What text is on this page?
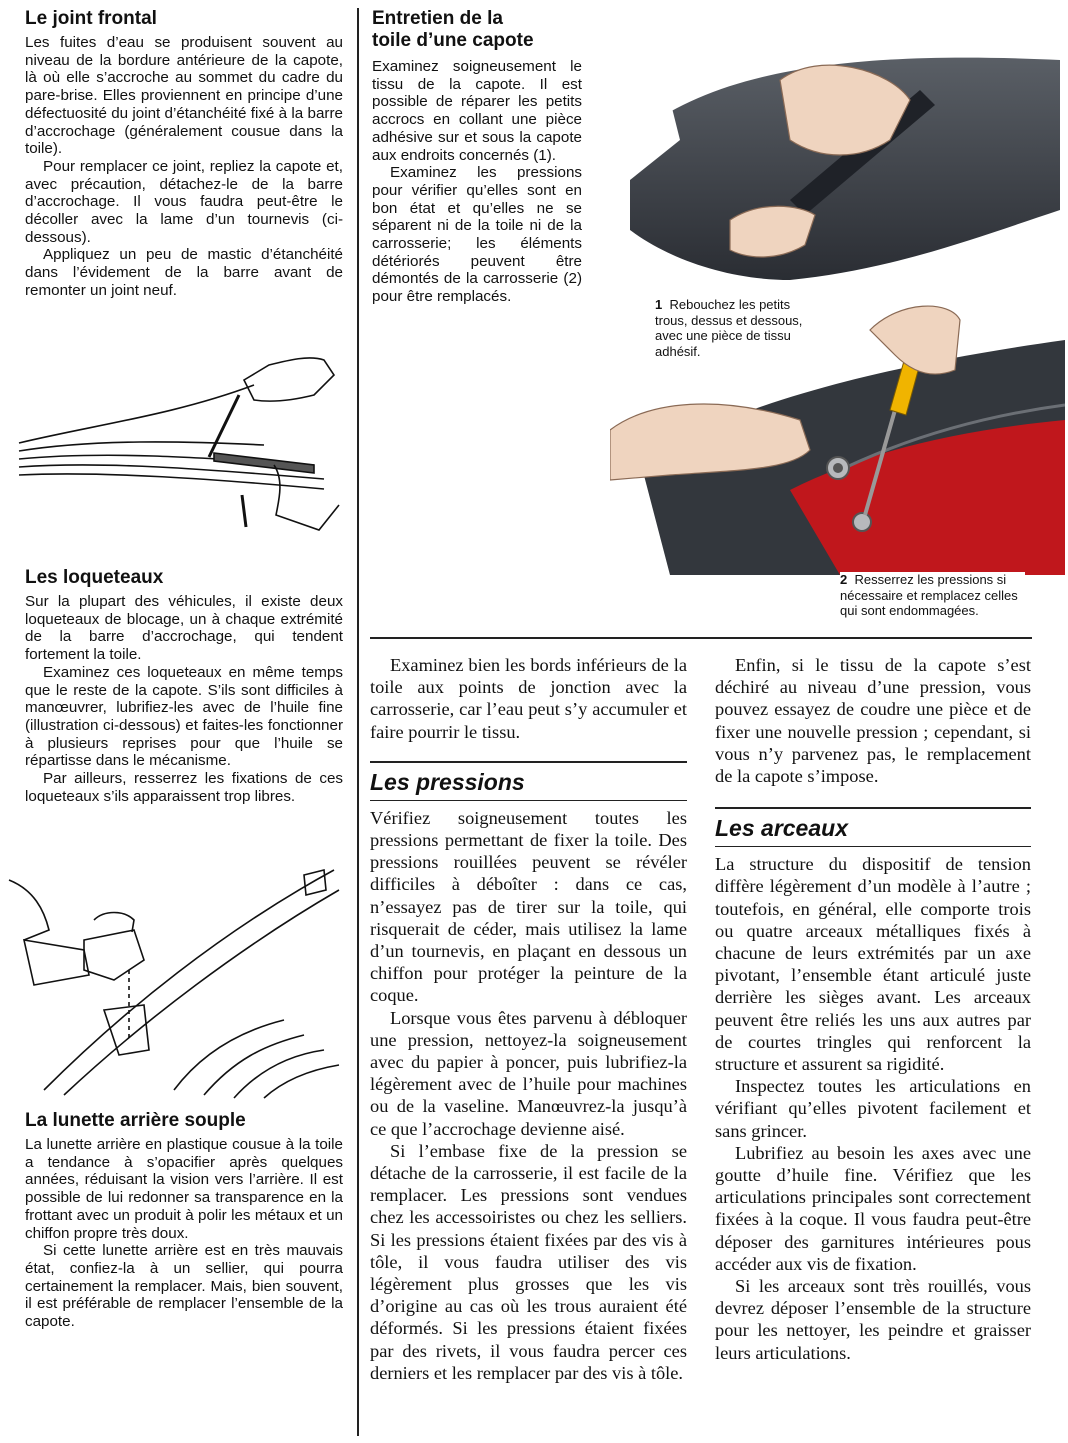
Le joint frontal

Les fuites d’eau se produisent souvent au niveau de la bordure antérieure de la capote, là où elle s’accroche au sommet du cadre du pare-brise. Elles proviennent en principe d’une défectuosité du joint d’étanchéité fixé à la barre d’accrochage (généralement cousue dans la toile).

Pour remplacer ce joint, repliez la capote et, avec précaution, détachez-le de la barre d’accrochage. Il vous faudra peut-être le décoller avec la lame d’un tournevis (ci-dessous).

Appliquez un peu de mastic d’étanchéité dans l’évidement de la barre avant de remonter un joint neuf.

Les loqueteaux

Sur la plupart des véhicules, il existe deux loqueteaux de blocage, un à chaque extrémité de la barre d’accrochage, qui tendent fortement la toile.

Examinez ces loqueteaux en même temps que le reste de la capote. S’ils sont difficiles à manœuvrer, lubrifiez-les avec de l’huile fine (illustration ci-dessous) et faites-les fonctionner à plusieurs reprises pour que l’huile se répartisse dans le mécanisme.

Par ailleurs, resserrez les fixations de ces loqueteaux s’ils apparaissent trop libres.

La lunette arrière souple

La lunette arrière en plastique cousue à la toile a tendance à s’opacifier après quelques années, réduisant la vision vers l’arrière. Il est possible de lui redonner sa transparence en la frottant avec un produit à polir les métaux et un chiffon propre très doux.

Si cette lunette arrière est en très mauvais état, confiez-la à un sellier, qui pourra certainement la remplacer. Mais, bien souvent, il est préférable de remplacer l’ensemble de la capote.

Entretien de la
toile d’une capote

Examinez soigneusement le tissu de la capote. Il est possible de réparer les petits accrocs en collant une pièce adhésive sur et sous la capote aux endroits concernés (1).

Examinez les pressions pour vérifier qu’elles sont en bon état et qu’elles ne se séparent ni de la toile ni de la carrosserie; les éléments détériorés peuvent être démontés de la carrosserie (2) pour être remplacés.	1 Rebouchez les petits trous, dessus et dessous, avec une pièce de tissu adhésif.

2 Resserrez les pressions si nécessaire et remplacez celles qui sont endommagées.

Examinez bien les bords inférieurs de la toile aux points de jonction avec la carrosserie, car l’eau peut s’y accumuler et faire pourrir le tissu.

Les pressions

Vérifiez soigneusement toutes les pressions permettant de fixer la toile. Des pressions rouillées peuvent se révéler difficiles à déboîter : dans ce cas, n’essayez pas de tirer sur la toile, qui risquerait de céder, mais utilisez la lame d’un tournevis, en plaçant en dessous un chiffon pour protéger la peinture de la coque.

Lorsque vous êtes parvenu à débloquer une pression, nettoyez-la soigneusement avec du papier à poncer, puis lubrifiez-la légèrement avec de l’huile pour machines ou de la vaseline. Manœuvrez-la jusqu’à ce que l’accrochage devienne aisé.

Si l’embase fixe de la pression se détache de la carrosserie, il est facile de la remplacer. Les pressions sont vendues chez les accessoiristes ou chez les selliers. Si les pressions étaient fixées par des vis à tôle, il vous faudra utiliser des vis légèrement plus grosses que les vis d’origine au cas où les trous auraient été déformés. Si les pressions étaient fixées par des rivets, il vous faudra percer ces derniers et les remplacer par des vis à tôle.

Enfin, si le tissu de la capote s’est déchiré au niveau d’une pression, vous pouvez essayez de coudre une pièce et de fixer une nouvelle pression ; cependant, si vous n’y parvenez pas, le remplacement de la capote s’impose.

Les arceaux

La structure du dispositif de tension diffère légèrement d’un modèle à l’autre ; toutefois, en général, elle comporte trois ou quatre arceaux métalliques fixés à chacune de leurs extrémités par un axe pivotant, l’ensemble étant articulé juste derrière les sièges avant. Les arceaux peuvent être reliés les uns aux autres par de courtes tringles qui renforcent la structure et assurent sa rigidité.

Inspectez toutes les articulations en vérifiant qu’elles pivotent facilement et sans grincer.

Lubrifiez au besoin les axes avec une goutte d’huile fine. Vérifiez que les articulations principales sont correctement fixées à la coque. Il vous faudra peut-être déposer des garnitures intérieures pous accéder aux vis de fixation.

Si les arceaux sont très rouillés, vous devrez déposer l’ensemble de la structure pour les nettoyer, les peindre et graisser leurs articulations.
